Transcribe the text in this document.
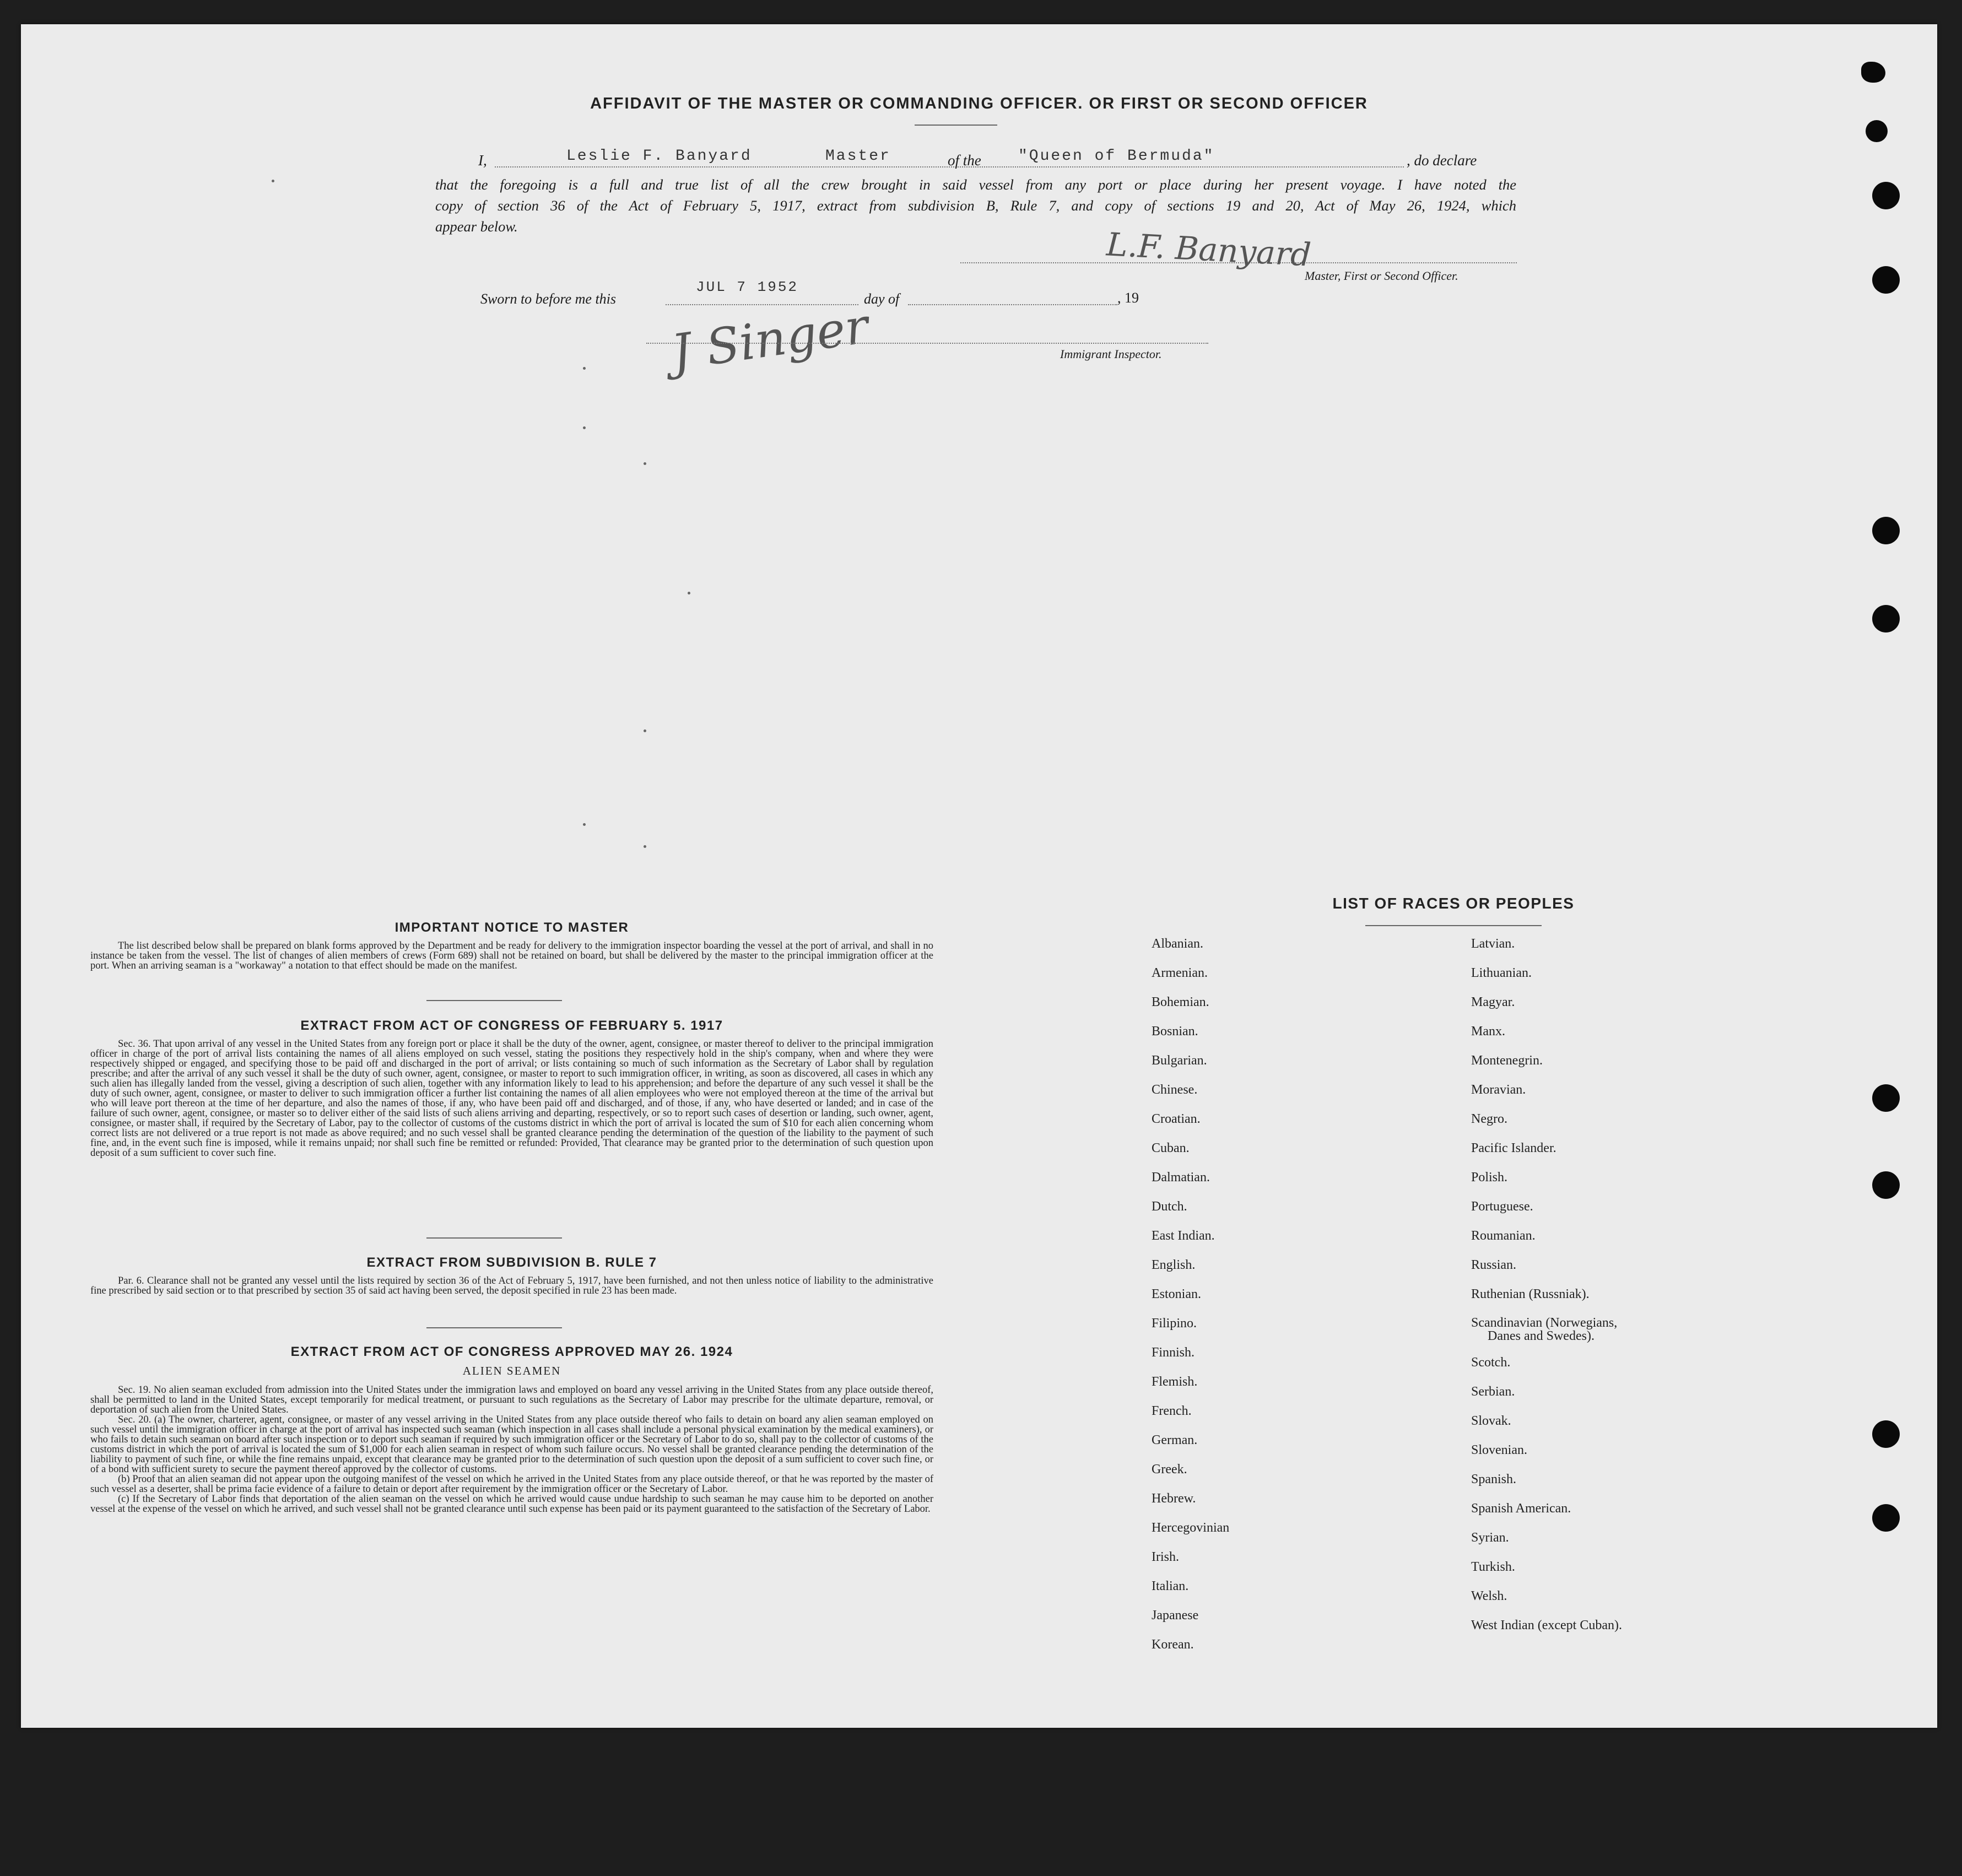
AFFIDAVIT OF THE MASTER OR COMMANDING OFFICER. OR FIRST OR SECOND OFFICER
I,	Leslie F. Banyard	Master	of the "Queen of Bermuda"	, do declare
that the foregoing is a full and true list of all the crew brought in said vessel from any port or place during her present voyage. I have noted the
copy of section 36 of the Act of February 5, 1917, extract from subdivision B, Rule 7, and copy of sections 19 and 20, Act of May 26, 1924, which
appear below.	L.F. Banyard
Master, First or Second Officer.
Sworn to before me this
JUL 7 1952
day of	, 19
J Singer	Immigrant Inspector.
IMPORTANT NOTICE TO MASTER
The list described below shall be prepared on blank forms approved by the Department and be ready for delivery to the immigration inspector boarding the vessel at the port of arrival, and shall in no instance be taken from the vessel. The list of changes of alien members of crews (Form 689) shall not be retained on board, but shall be delivered by the master to the principal immigration officer at the port. When an arriving seaman is a "workaway" a notation to that effect should be made on the manifest.
EXTRACT FROM ACT OF CONGRESS OF FEBRUARY 5. 1917
Sec. 36. That upon arrival of any vessel in the United States from any foreign port or place it shall be the duty of the owner, agent, consignee, or master thereof to deliver to the principal immigration officer in charge of the port of arrival lists containing the names of all aliens employed on such vessel, stating the positions they respectively hold in the ship's company, when and where they were respectively shipped or engaged, and specifying those to be paid off and discharged in the port of arrival; or lists containing so much of such information as the Secretary of Labor shall by regulation prescribe; and after the arrival of any such vessel it shall be the duty of such owner, agent, consignee, or master to report to such immigration officer, in writing, as soon as discovered, all cases in which any such alien has illegally landed from the vessel, giving a description of such alien, together with any information likely to lead to his apprehension; and before the departure of any such vessel it shall be the duty of such owner, agent, consignee, or master to deliver to such immigration officer a further list containing the names of all alien employees who were not employed thereon at the time of the arrival but who will leave port thereon at the time of her departure, and also the names of those, if any, who have been paid off and discharged, and of those, if any, who have deserted or landed; and in case of the failure of such owner, agent, consignee, or master so to deliver either of the said lists of such aliens arriving and departing, respectively, or so to report such cases of desertion or landing, such owner, agent, consignee, or master shall, if required by the Secretary of Labor, pay to the collector of customs of the customs district in which the port of arrival is located the sum of $10 for each alien concerning whom correct lists are not delivered or a true report is not made as above required; and no such vessel shall be granted clearance pending the determination of the question of the liability to the payment of such fine, and, in the event such fine is imposed, while it remains unpaid; nor shall such fine be remitted or refunded: Provided, That clearance may be granted prior to the determination of such question upon deposit of a sum sufficient to cover such fine.
EXTRACT FROM SUBDIVISION B. RULE 7
Par. 6. Clearance shall not be granted any vessel until the lists required by section 36 of the Act of February 5, 1917, have been furnished, and not then unless notice of liability to the administrative fine prescribed by said section or to that prescribed by section 35 of said act having been served, the deposit specified in rule 23 has been made.
EXTRACT FROM ACT OF CONGRESS APPROVED MAY 26. 1924
ALIEN SEAMEN

Sec. 19. No alien seaman excluded from admission into the United States under the immigration laws and employed on board any vessel arriving in the United States from any place outside thereof, shall be permitted to land in the United States, except temporarily for medical treatment, or pursuant to such regulations as the Secretary of Labor may prescribe for the ultimate departure, removal, or deportation of such alien from the United States.

Sec. 20. (a) The owner, charterer, agent, consignee, or master of any vessel arriving in the United States from any place outside thereof who fails to detain on board any alien seaman employed on such vessel until the immigration officer in charge at the port of arrival has inspected such seaman (which inspection in all cases shall include a personal physical examination by the medical examiners), or who fails to detain such seaman on board after such inspection or to deport such seaman if required by such immigration officer or the Secretary of Labor to do so, shall pay to the collector of customs of the customs district in which the port of arrival is located the sum of $1,000 for each alien seaman in respect of whom such failure occurs. No vessel shall be granted clearance pending the determination of the liability to payment of such fine, or while the fine remains unpaid, except that clearance may be granted prior to the determination of such question upon the deposit of a sum sufficient to cover such fine, or of a bond with sufficient surety to secure the payment thereof approved by the collector of customs.

(b) Proof that an alien seaman did not appear upon the outgoing manifest of the vessel on which he arrived in the United States from any place outside thereof, or that he was reported by the master of such vessel as a deserter, shall be prima facie evidence of a failure to detain or deport after requirement by the immigration officer or the Secretary of Labor.

(c) If the Secretary of Labor finds that deportation of the alien seaman on the vessel on which he arrived would cause undue hardship to such seaman he may cause him to be deported on another vessel at the expense of the vessel on which he arrived, and such vessel shall not be granted clearance until such expense has been paid or its payment guaranteed to the satisfaction of the Secretary of Labor.

LIST OF RACES OR PEOPLES
Albanian.
Armenian.
Bohemian.
Bosnian.
Bulgarian.
Chinese.
Croatian.
Cuban.
Dalmatian.
Dutch.
East Indian.
English.
Estonian.
Filipino.
Finnish.
Flemish.
French.
German.
Greek.
Hebrew.
Hercegovinian
Irish.
Italian.
Japanese
Korean.
Latvian.
Lithuanian.
Magyar.
Manx.
Montenegrin.
Moravian.
Negro.
Pacific Islander.
Polish.
Portuguese.
Roumanian.
Russian.
Ruthenian (Russniak).
Scandinavian (Norwegians,
Danes and Swedes).
Scotch.
Serbian.
Slovak.
Slovenian.
Spanish.
Spanish American.
Syrian.
Turkish.
Welsh.
West Indian (except Cuban).
